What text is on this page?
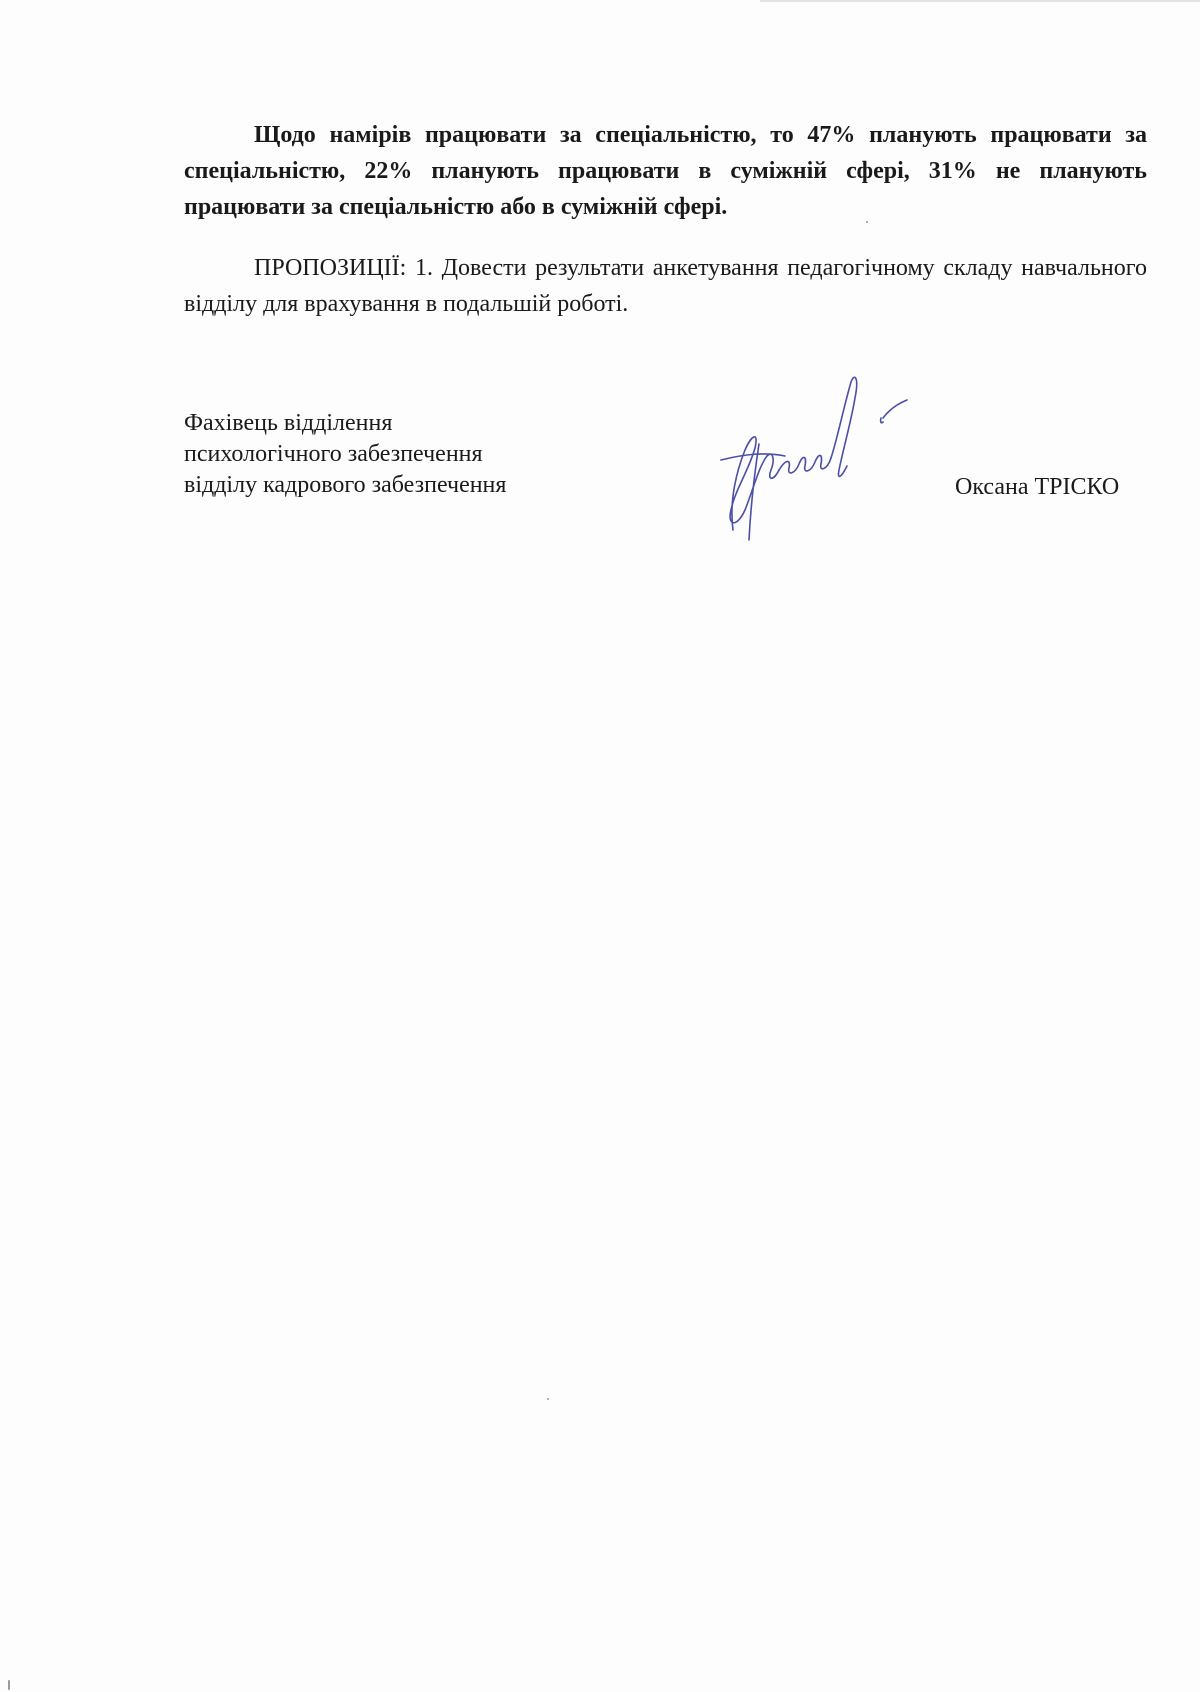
Щодо намірів працювати за спеціальністю, то 47% планують працювати за спеціальністю, 22% планують працювати в суміжній сфері, 31% не планують працювати за спеціальністю або в суміжній сфері.

ПРОПОЗИЦІЇ: 1. Довести результати анкетування педагогічному складу навчального відділу для врахування в подальшій роботі.

Фахівець відділення
психологічного забезпечення
відділу кадрового забезпечення	Оксана ТРІСКО
